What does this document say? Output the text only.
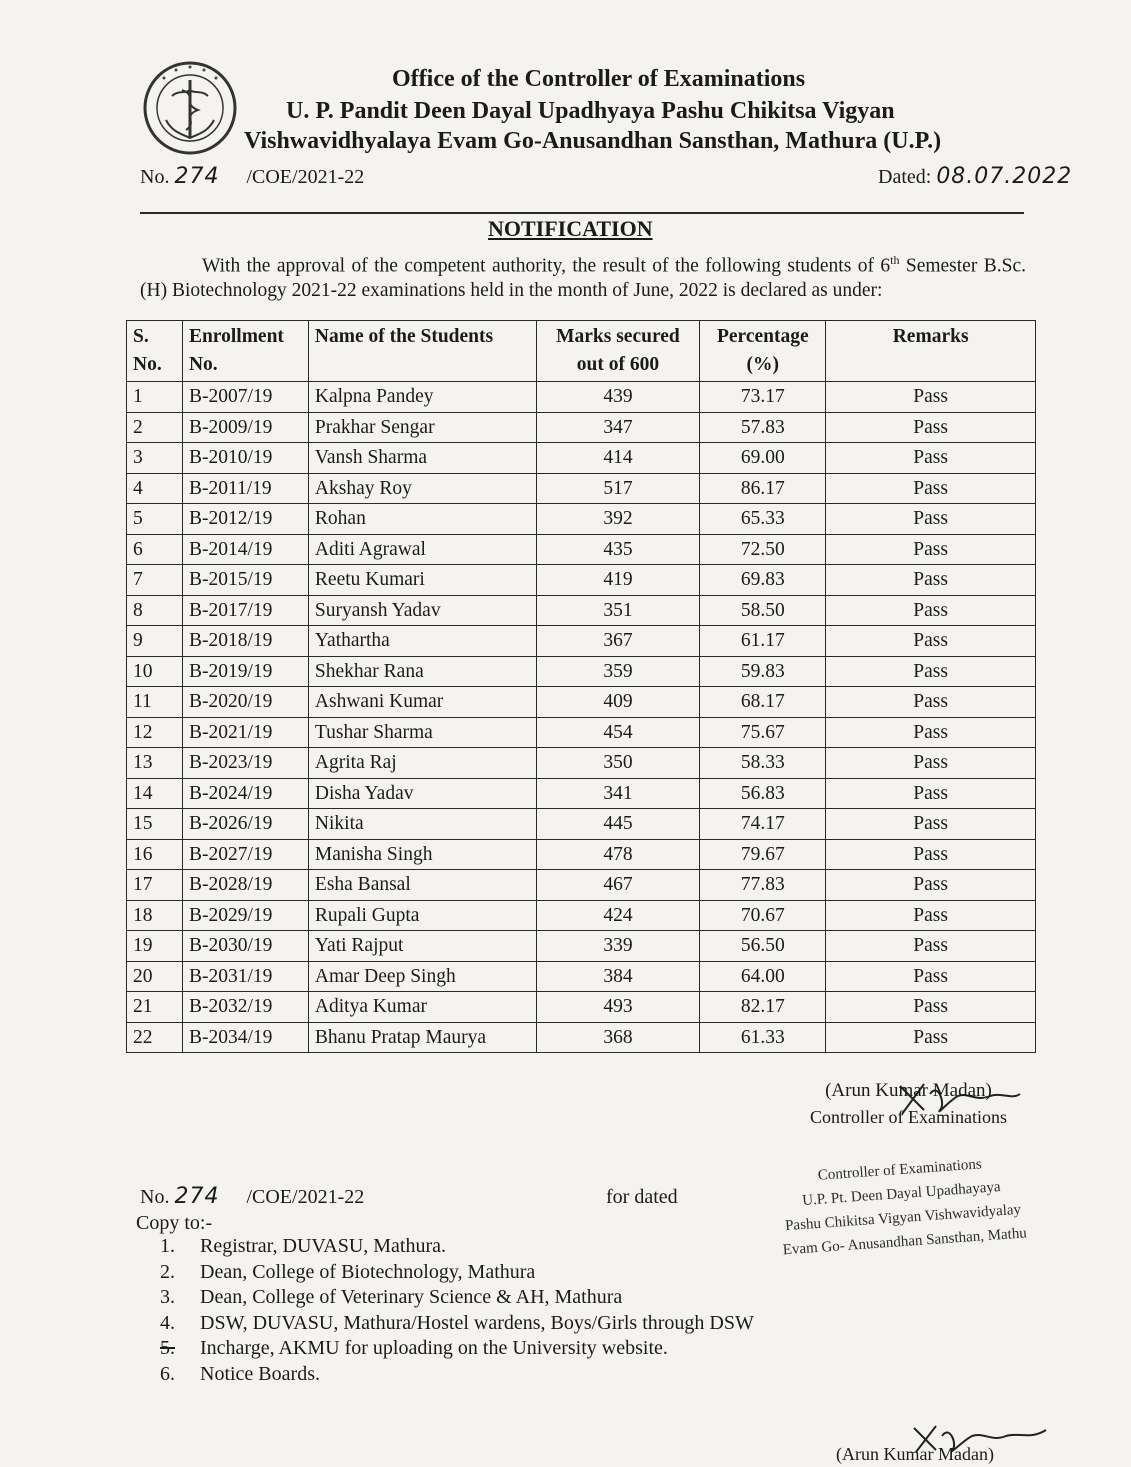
Office of the Controller of Examinations
U. P. Pandit Deen Dayal Upadhyaya Pashu Chikitsa Vigyan
Vishwavidhyalaya Evam Go-Anusandhan Sansthan, Mathura (U.P.)
No. 274 /COE/2021-22	Dated: 08.07.2022
NOTIFICATION
With the approval of the competent authority, the result of the following students of 6th Semester B.Sc. (H) Biotechnology 2021-22 examinations held in the month of June, 2022 is declared as under:
S. No.	Enrollment No.	Name of the Students	Marks secured out of 600	Percentage (%)	Remarks
1	B-2007/19	Kalpna Pandey	439	73.17	Pass
2	B-2009/19	Prakhar Sengar	347	57.83	Pass
3	B-2010/19	Vansh Sharma	414	69.00	Pass
4	B-2011/19	Akshay Roy	517	86.17	Pass
5	B-2012/19	Rohan	392	65.33	Pass
6	B-2014/19	Aditi Agrawal	435	72.50	Pass
7	B-2015/19	Reetu Kumari	419	69.83	Pass
8	B-2017/19	Suryansh Yadav	351	58.50	Pass
9	B-2018/19	Yathartha	367	61.17	Pass
10	B-2019/19	Shekhar Rana	359	59.83	Pass
11	B-2020/19	Ashwani Kumar	409	68.17	Pass
12	B-2021/19	Tushar Sharma	454	75.67	Pass
13	B-2023/19	Agrita Raj	350	58.33	Pass
14	B-2024/19	Disha Yadav	341	56.83	Pass
15	B-2026/19	Nikita	445	74.17	Pass
16	B-2027/19	Manisha Singh	478	79.67	Pass
17	B-2028/19	Esha Bansal	467	77.83	Pass
18	B-2029/19	Rupali Gupta	424	70.67	Pass
19	B-2030/19	Yati Rajput	339	56.50	Pass
20	B-2031/19	Amar Deep Singh	384	64.00	Pass
21	B-2032/19	Aditya Kumar	493	82.17	Pass
22	B-2034/19	Bhanu Pratap Maurya	368	61.33	Pass
(Arun Kumar Madan)
Controller of Examinations
Controller of Examinations
U.P. Pt. Deen Dayal Upadhayaya
Pashu Chikitsa Vigyan Vishwavidyalay
Evam Go- Anusandhan Sansthan, Mathu
No. 274 /COE/2021-22	for dated
Copy to:-
1. Registrar, DUVASU, Mathura.
2. Dean, College of Biotechnology, Mathura
3. Dean, College of Veterinary Science & AH, Mathura
4. DSW, DUVASU, Mathura/Hostel wardens, Boys/Girls through DSW
5. Incharge, AKMU for uploading on the University website.
6. Notice Boards.
(Arun Kumar Madan)
